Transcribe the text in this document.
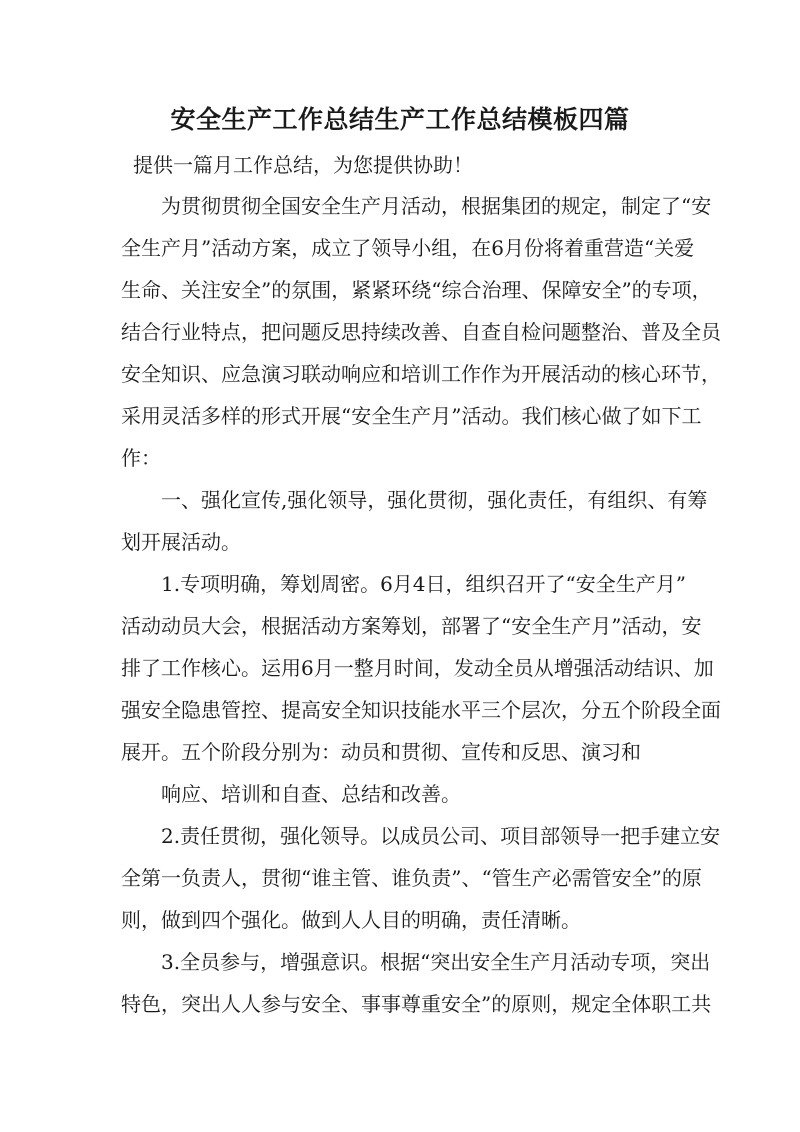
安全生产工作总结生产工作总结模板四篇
提供一篇月工作总结，为您提供协助！
为贯彻贯彻全国安全生产月活动，根据集团的规定，制定了“安
全生产月”活动方案，成立了领导小组，在6月份将着重营造“关爱
生命、关注安全”的氛围，紧紧环绕“综合治理、保障安全”的专项，
结合行业特点，把问题反思持续改善、自查自检问题整治、普及全员
安全知识、应急演习联动响应和培训工作作为开展活动的核心环节，
采用灵活多样的形式开展“安全生产月”活动。我们核心做了如下工
作：
一、强化宣传,强化领导，强化贯彻，强化责任，有组织、有筹
划开展活动。
1.专项明确，筹划周密。6月4日，组织召开了“安全生产月”
活动动员大会，根据活动方案筹划，部署了“安全生产月”活动，安
排了工作核心。运用6月一整月时间，发动全员从增强活动结识、加
强安全隐患管控、提高安全知识技能水平三个层次，分五个阶段全面
展开。五个阶段分别为：动员和贯彻、宣传和反思、演习和
响应、培训和自查、总结和改善。
2.责任贯彻，强化领导。以成员公司、项目部领导一把手建立安
全第一负责人，贯彻“谁主管、谁负责”、“管生产必需管安全”的原
则，做到四个强化。做到人人目的明确，责任清晰。
3.全员参与，增强意识。根据“突出安全生产月活动专项，突出
特色，突出人人参与安全、事事尊重安全”的原则，规定全体职工共
